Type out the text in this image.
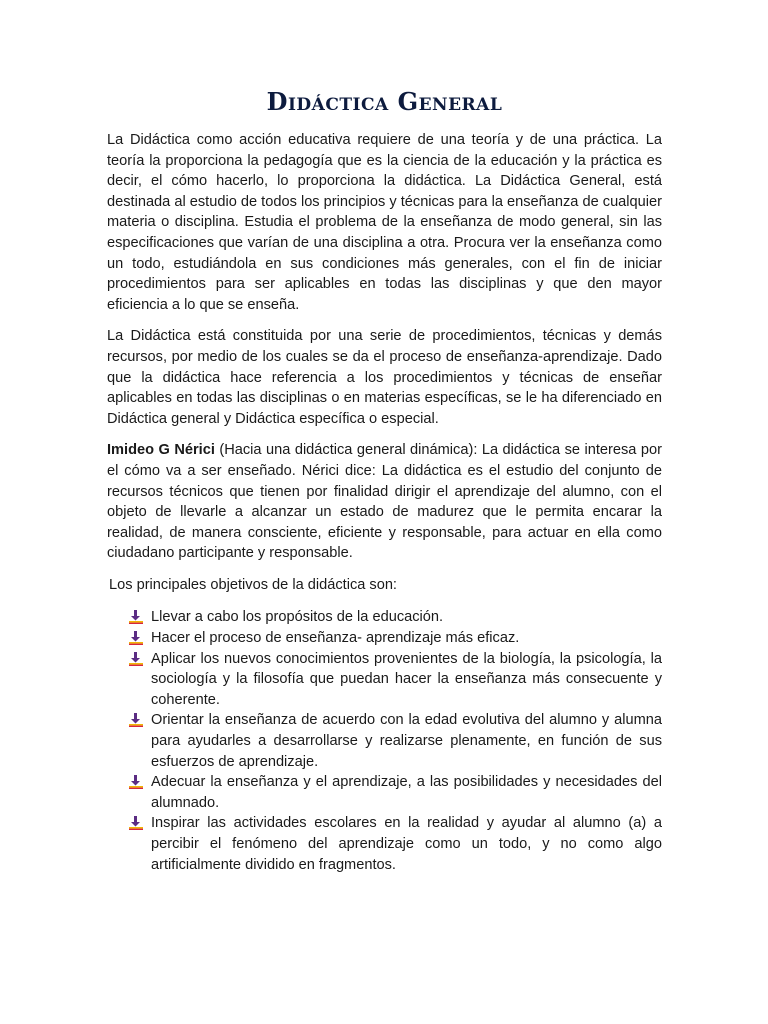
Didáctica General

La Didáctica como acción educativa requiere de una teoría y de una práctica. La teoría la proporciona la pedagogía que es la ciencia de la educación y la práctica es decir, el cómo hacerlo, lo proporciona la didáctica. La Didáctica General, está destinada al estudio de todos los principios y técnicas para la enseñanza de cualquier materia o disciplina. Estudia el problema de la enseñanza de modo general, sin las especificaciones que varían de una disciplina a otra. Procura ver la enseñanza como un todo, estudiándola en sus condiciones más generales, con el fin de iniciar procedimientos para ser aplicables en todas las disciplinas y que den mayor eficiencia a lo que se enseña.

La Didáctica está constituida por una serie de procedimientos, técnicas y demás recursos, por medio de los cuales se da el proceso de enseñanza-aprendizaje. Dado que la didáctica hace referencia a los procedimientos y técnicas de enseñar aplicables en todas las disciplinas o en materias específicas, se le ha diferenciado en Didáctica general y Didáctica específica o especial.

Imideo G Nérici (Hacia una didáctica general dinámica): La didáctica se interesa por el cómo va a ser enseñado. Nérici dice: La didáctica es el estudio del conjunto de recursos técnicos que tienen por finalidad dirigir el aprendizaje del alumno, con el objeto de llevarle a alcanzar un estado de madurez que le permita encarar la realidad, de manera consciente, eficiente y responsable, para actuar en ella como ciudadano participante y responsable.

Los principales objetivos de la didáctica son:

Llevar a cabo los propósitos de la educación.
Hacer el proceso de enseñanza- aprendizaje más eficaz.
Aplicar los nuevos conocimientos provenientes de la biología, la psicología, la sociología y la filosofía que puedan hacer la enseñanza más consecuente y coherente.
Orientar la enseñanza de acuerdo con la edad evolutiva del alumno y alumna para ayudarles a desarrollarse y realizarse plenamente, en función de sus esfuerzos de aprendizaje.
Adecuar la enseñanza y el aprendizaje, a las posibilidades y necesidades del alumnado.
Inspirar las actividades escolares en la realidad y ayudar al alumno (a) a percibir el fenómeno del aprendizaje como un todo, y no como algo artificialmente dividido en fragmentos.
